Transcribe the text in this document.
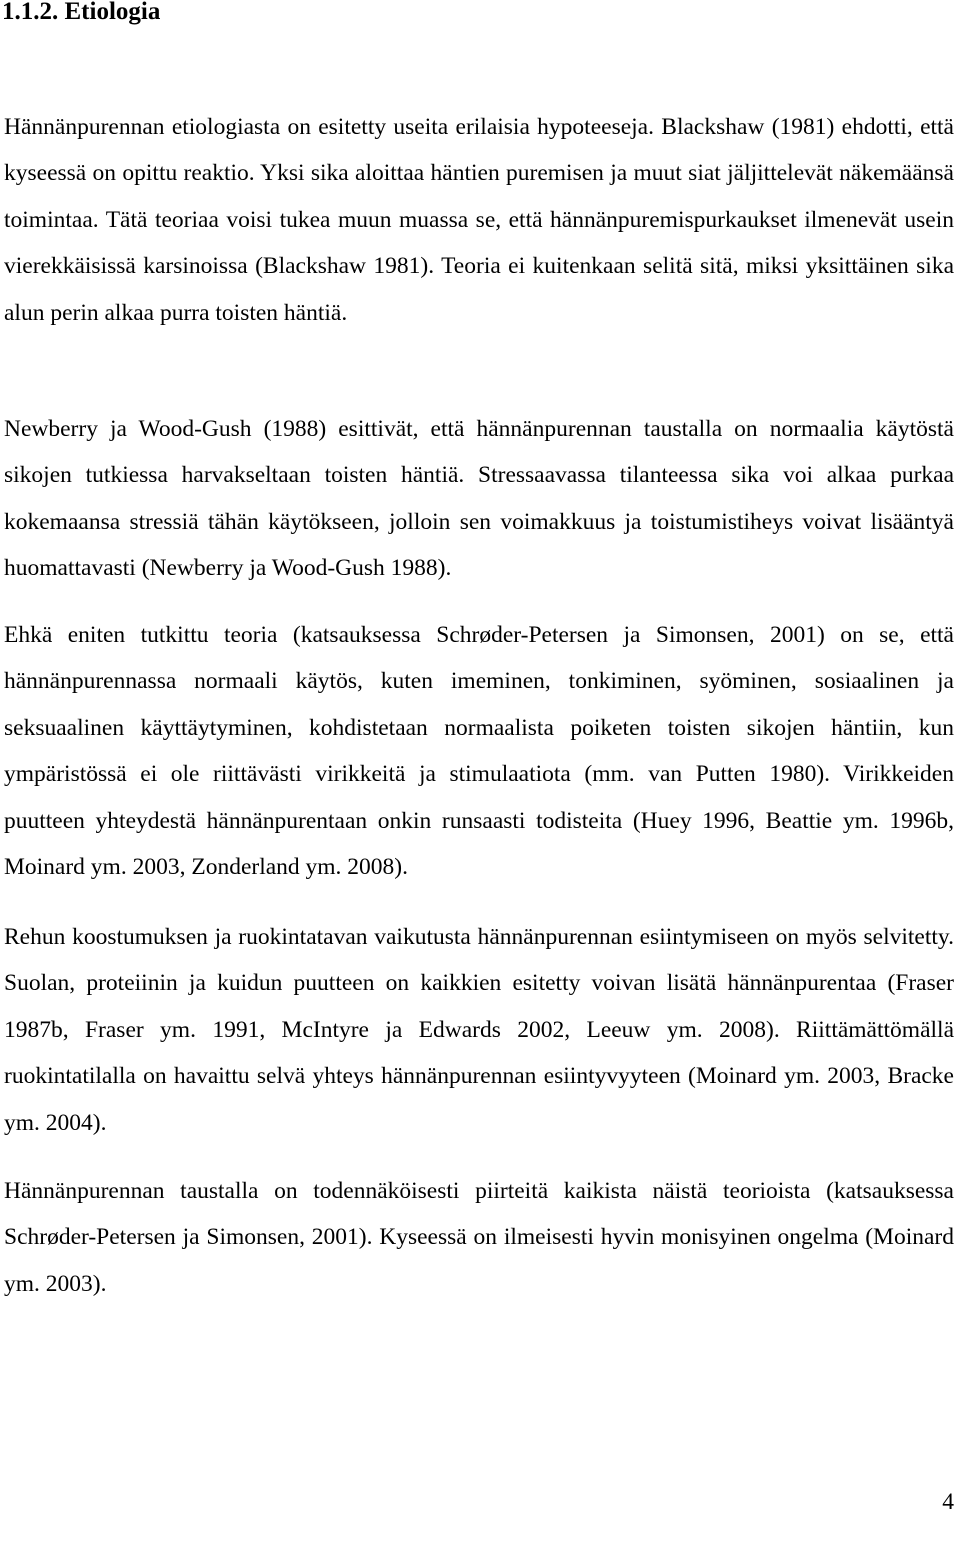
1.1.2. Etiologia

Hännänpurennan etiologiasta on esitetty useita erilaisia hypoteeseja. Blackshaw (1981) ehdotti, että kyseessä on opittu reaktio. Yksi sika aloittaa häntien puremisen ja muut siat jäljittelevät näkemäänsä toimintaa. Tätä teoriaa voisi tukea muun muassa se, että hännänpuremispurkaukset ilmenevät usein vierekkäisissä karsinoissa (Blackshaw 1981). Teoria ei kuitenkaan selitä sitä, miksi yksittäinen sika alun perin alkaa purra toisten häntiä.

Newberry ja Wood-Gush (1988) esittivät, että hännänpurennan taustalla on normaalia käytöstä sikojen tutkiessa harvakseltaan toisten häntiä. Stressaavassa tilanteessa sika voi alkaa purkaa kokemaansa stressiä tähän käytökseen, jolloin sen voimakkuus ja toistumistiheys voivat lisääntyä huomattavasti (Newberry ja Wood-Gush 1988).

Ehkä eniten tutkittu teoria (katsauksessa Schrøder-Petersen ja Simonsen, 2001) on se, että hännänpurennassa normaali käytös, kuten imeminen, tonkiminen, syöminen, sosiaalinen ja seksuaalinen käyttäytyminen, kohdistetaan normaalista poiketen toisten sikojen häntiin, kun ympäristössä ei ole riittävästi virikkeitä ja stimulaatiota (mm. van Putten 1980). Virikkeiden puutteen yhteydestä hännänpurentaan onkin runsaasti todisteita (Huey 1996, Beattie ym. 1996b, Moinard ym. 2003, Zonderland ym. 2008).

Rehun koostumuksen ja ruokintatavan vaikutusta hännänpurennan esiintymiseen on myös selvitetty. Suolan, proteiinin ja kuidun puutteen on kaikkien esitetty voivan lisätä hännänpurentaa (Fraser 1987b, Fraser ym. 1991, McIntyre ja Edwards 2002, Leeuw ym. 2008). Riittämättömällä ruokintatilalla on havaittu selvä yhteys hännänpurennan esiintyvyyteen (Moinard ym. 2003, Bracke ym. 2004).

Hännänpurennan taustalla on todennäköisesti piirteitä kaikista näistä teorioista (katsauksessa Schrøder-Petersen ja Simonsen, 2001). Kyseessä on ilmeisesti hyvin monisyinen ongelma (Moinard ym. 2003).

4
